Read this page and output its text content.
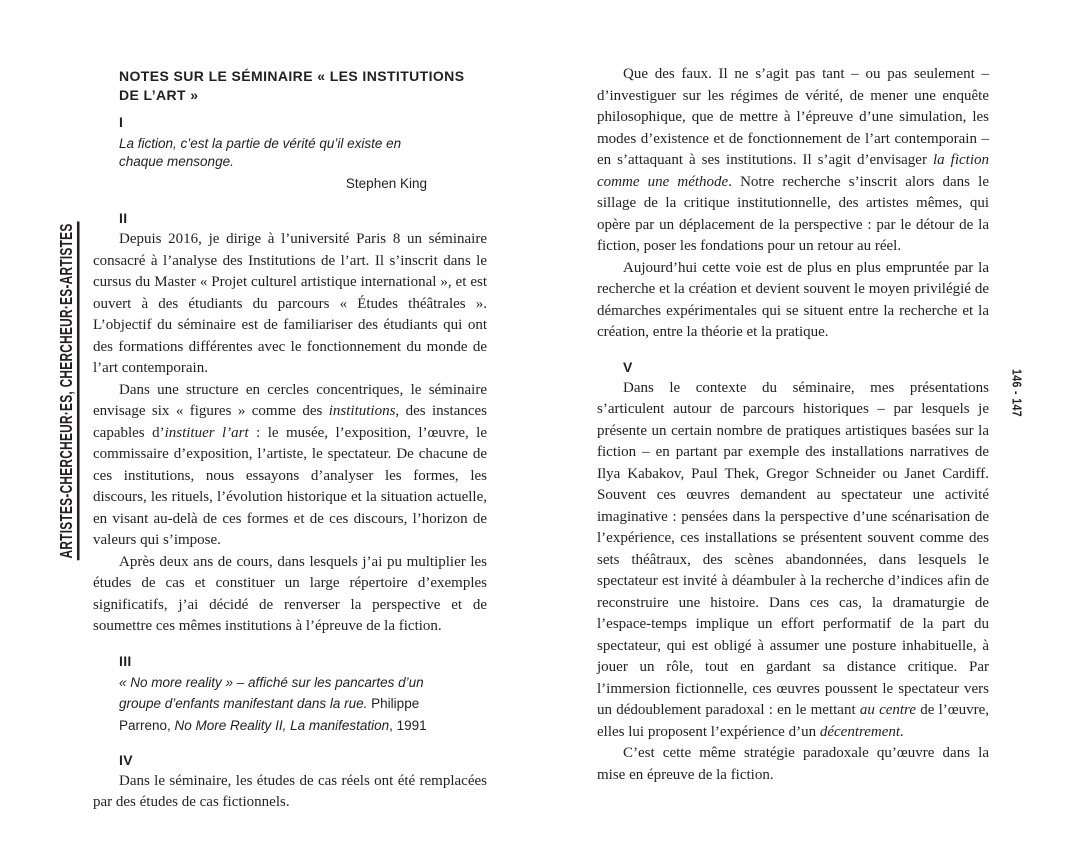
ARTISTES-CHERCHEUR·ES, CHERCHEUR·ES-ARTISTES	146 - 147
NOTES SUR LE SÉMINAIRE « LES INSTITUTIONS
DE L’ART »
I

La fiction, c’est la partie de vérité qu’il existe en chaque mensonge.

Stephen King

II

Depuis 2016, je dirige à l’université Paris 8 un séminaire consacré à l’analyse des Institutions de l’art. Il s’inscrit dans le cursus du Master « Projet culturel artistique international », et est ouvert à des étudiants du parcours « Études théâtrales ». L’objectif du séminaire est de familiariser des étudiants qui ont des formations différentes avec le fonctionnement du monde de l’art contemporain.

Dans une structure en cercles concentriques, le séminaire envisage six « figures » comme des institutions, des instances capables d’instituer l’art : le musée, l’exposition, l’œuvre, le commissaire d’exposition, l’artiste, le spectateur. De chacune de ces institutions, nous essayons d’analyser les formes, les discours, les rituels, l’évolution historique et la situation actuelle, en visant au-delà de ces formes et de ces discours, l’horizon de valeurs qui s’impose.

Après deux ans de cours, dans lesquels j’ai pu multiplier les études de cas et constituer un large répertoire d’exemples significatifs, j’ai décidé de renverser la perspective et de soumettre ces mêmes institutions à l’épreuve de la fiction.

III

« No more reality » – affiché sur les pancartes d’un groupe d’enfants manifestant dans la rue. Philippe Parreno, No More Reality II, La manifestation, 1991

IV

Dans le séminaire, les études de cas réels ont été remplacées par des études de cas fictionnels.

Que des faux. Il ne s’agit pas tant – ou pas seulement – d’investiguer sur les régimes de vérité, de mener une enquête philosophique, que de mettre à l’épreuve d’une simulation, les modes d’existence et de fonctionnement de l’art contemporain – en s’attaquant à ses institutions. Il s’agit d’envisager la fiction comme une méthode. Notre recherche s’inscrit alors dans le sillage de la critique institutionnelle, des artistes mêmes, qui opère par un déplacement de la perspective : par le détour de la fiction, poser les fondations pour un retour au réel.

Aujourd’hui cette voie est de plus en plus empruntée par la recherche et la création et devient souvent le moyen privilégié de démarches expérimentales qui se situent entre la recherche et la création, entre la théorie et la pratique.

V

Dans le contexte du séminaire, mes présentations s’articulent autour de parcours historiques – par lesquels je présente un certain nombre de pratiques artistiques basées sur la fiction – en partant par exemple des installations narratives de Ilya Kabakov, Paul Thek, Gregor Schneider ou Janet Cardiff. Souvent ces œuvres demandent au spectateur une activité imaginative : pensées dans la perspective d’une scénarisation de l’expérience, ces installations se présentent souvent comme des sets théâtraux, des scènes abandonnées, dans lesquels le spectateur est invité à déambuler à la recherche d’indices afin de reconstruire une histoire. Dans ces cas, la dramaturgie de l’espace-temps implique un effort performatif de la part du spectateur, qui est obligé à assumer une posture inhabituelle, à jouer un rôle, tout en gardant sa distance critique. Par l’immersion fictionnelle, ces œuvres poussent le spectateur vers un dédoublement paradoxal : en le mettant au centre de l’œuvre, elles lui proposent l’expérience d’un décentrement.

C’est cette même stratégie paradoxale qu’œuvre dans la mise en épreuve de la fiction.
